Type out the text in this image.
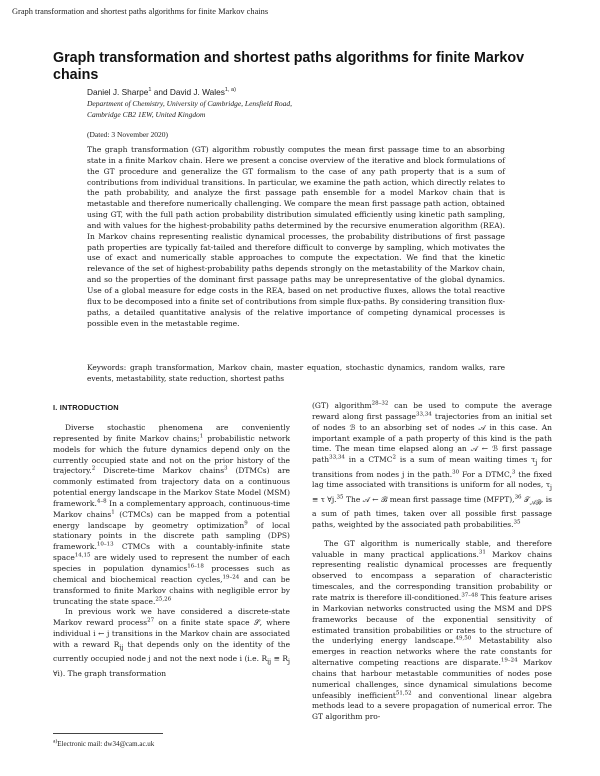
Graph transformation and shortest paths algorithms for finite Markov chains
Graph transformation and shortest paths algorithms for finite Markov chains
Daniel J. Sharpe$^1$ and David J. Wales$^{1, a)}$
Department of Chemistry, University of Cambridge, Lensfield Road,
Cambridge CB2 1EW, United Kingdom
(Dated: 3 November 2020)

The graph transformation (GT) algorithm robustly computes the mean first passage time to an absorbing state in a finite Markov chain. Here we present a concise overview of the iterative and block formulations of the GT procedure and generalize the GT formalism to the case of any path property that is a sum of contributions from individual transitions. In particular, we examine the path action, which directly relates to the path probability, and analyze the first passage path ensemble for a model Markov chain that is metastable and therefore numerically challenging. We compare the mean first passage path action, obtained using GT, with the full path action probability distribution simulated efficiently using kinetic path sampling, and with values for the highest-probability paths determined by the recursive enumeration algorithm (REA). In Markov chains representing realistic dynamical processes, the probability distributions of first passage path properties are typically fat-tailed and therefore difficult to converge by sampling, which motivates the use of exact and numerically stable approaches to compute the expectation. We find that the kinetic relevance of the set of highest-probability paths depends strongly on the metastability of the Markov chain, and so the properties of the dominant first passage paths may be unrepresentative of the global dynamics. Use of a global measure for edge costs in the REA, based on net productive fluxes, allows the total reactive flux to be decomposed into a finite set of contributions from simple flux-paths. By considering transition flux-paths, a detailed quantitative analysis of the relative importance of competing dynamical processes is possible even in the metastable regime.

Keywords: graph transformation, Markov chain, master equation, stochastic dynamics, random walks, rare events, metastability, state reduction, shortest paths

I. INTRODUCTION

Diverse stochastic phenomena are conveniently represented by finite Markov chains;$^1$ probabilistic network models for which the future dynamics depend only on the currently occupied state and not on the prior history of the trajectory.$^2$ Discrete-time Markov chains$^3$ (DTMCs) are commonly estimated from trajectory data on a continuous potential energy landscape in the Markov State Model (MSM) framework.$^{4-8}$ In a complementary approach, continuous-time Markov chains$^1$ (CTMCs) can be mapped from a potential energy landscape by geometry optimization$^9$ of local stationary points in the discrete path sampling (DPS) framework.$^{10-13}$ CTMCs with a countably-infinite state space$^{14,15}$ are widely used to represent the number of each species in population dynamics$^{16-18}$ processes such as chemical and biochemical reaction cycles,$^{19-24}$ and can be transformed to finite Markov chains with negligible error by truncating the state space.$^{25,26}$

In previous work we have considered a discrete-state Markov reward process$^{27}$ on a finite state space 𝒮, where individual i ← j transitions in the Markov chain are associated with a reward $R_{ij}$ that depends only on the identity of the currently occupied node j and not the next node i (i.e. $R_{ij} \equiv R_j$ ∀i). The graph transformation

(GT) algorithm$^{28-32}$ can be used to compute the average reward along first passage$^{33,34}$ trajectories from an initial set of nodes ℬ to an absorbing set of nodes 𝒜 in this case. An important example of a path property of this kind is the path time. The mean time elapsed along an 𝒜 ← ℬ first passage path$^{33,34}$ in a CTMC$^2$ is a sum of mean waiting times $\tau_j$ for transitions from nodes j in the path.$^{30}$ For a DTMC,$^3$ the fixed lag time associated with transitions is uniform for all nodes, $\tau_j \equiv \tau$ ∀j.$^{35}$ The 𝒜 ← ℬ mean first passage time (MFPT),$^{36}$ 𝒯$_{𝒜ℬ}$, is a sum of path times, taken over all possible first passage paths, weighted by the associated path probabilities.$^{35}$

The GT algorithm is numerically stable, and therefore valuable in many practical applications.$^{31}$ Markov chains representing realistic dynamical processes are frequently observed to encompass a separation of characteristic timescales, and the corresponding transition probability or rate matrix is therefore ill-conditioned.$^{37-48}$ This feature arises in Markovian networks constructed using the MSM and DPS frameworks because of the exponential sensitivity of estimated transition probabilities or rates to the structure of the underlying energy landscape.$^{49,50}$ Metastability also emerges in reaction networks where the rate constants for alternative competing reactions are disparate.$^{19-24}$ Markov chains that harbour metastable communities of nodes pose numerical challenges, since dynamical simulations become unfeasibly inefficient$^{51,52}$ and conventional linear algebra methods lead to a severe propagation of numerical error. The GT algorithm pro-

$^{a)}$Electronic mail: dw34@cam.ac.uk
